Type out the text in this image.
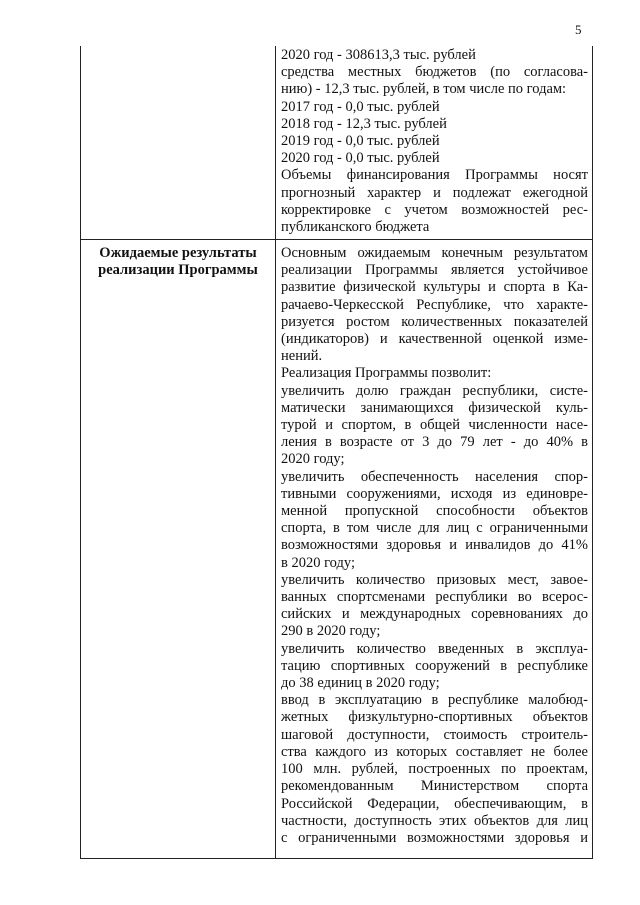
5
2020 год - 308613,3 тыс. рублей
средства местных бюджетов (по согласова-
нию) - 12,3 тыс. рублей, в том числе по годам:
2017 год - 0,0 тыс. рублей
2018 год - 12,3 тыс. рублей
2019 год - 0,0 тыс. рублей
2020 год - 0,0 тыс. рублей
Объемы финансирования Программы носят
прогнозный характер и подлежат ежегодной
корректировке с учетом возможностей рес-
публиканского бюджета
Ожидаемые результаты
реализации Программы
Основным ожидаемым конечным результатом
реализации Программы является устойчивое
развитие физической культуры и спорта в Ка-
рачаево-Черкесской Республике, что характе-
ризуется ростом количественных показателей
(индикаторов) и качественной оценкой изме-
нений.
Реализация Программы позволит:
увеличить долю граждан республики, систе-
матически занимающихся физической куль-
турой и спортом, в общей численности насе-
ления в возрасте от 3 до 79 лет - до 40% в
2020 году;
увеличить обеспеченность населения спор-
тивными сооружениями, исходя из единовре-
менной пропускной способности объектов
спорта, в том числе для лиц с ограниченными
возможностями здоровья и инвалидов до 41%
в 2020 году;
увеличить количество призовых мест, завое-
ванных спортсменами республики во всерос-
сийских и международных соревнованиях до
290 в 2020 году;
увеличить количество введенных в эксплуа-
тацию спортивных сооружений в республике
до 38 единиц в 2020 году;
ввод в эксплуатацию в республике малобюд-
жетных физкультурно-спортивных объектов
шаговой доступности, стоимость строитель-
ства каждого из которых составляет не более
100 млн. рублей, построенных по проектам,
рекомендованным Министерством спорта
Российской Федерации, обеспечивающим, в
частности, доступность этих объектов для лиц
с ограниченными возможностями здоровья и
